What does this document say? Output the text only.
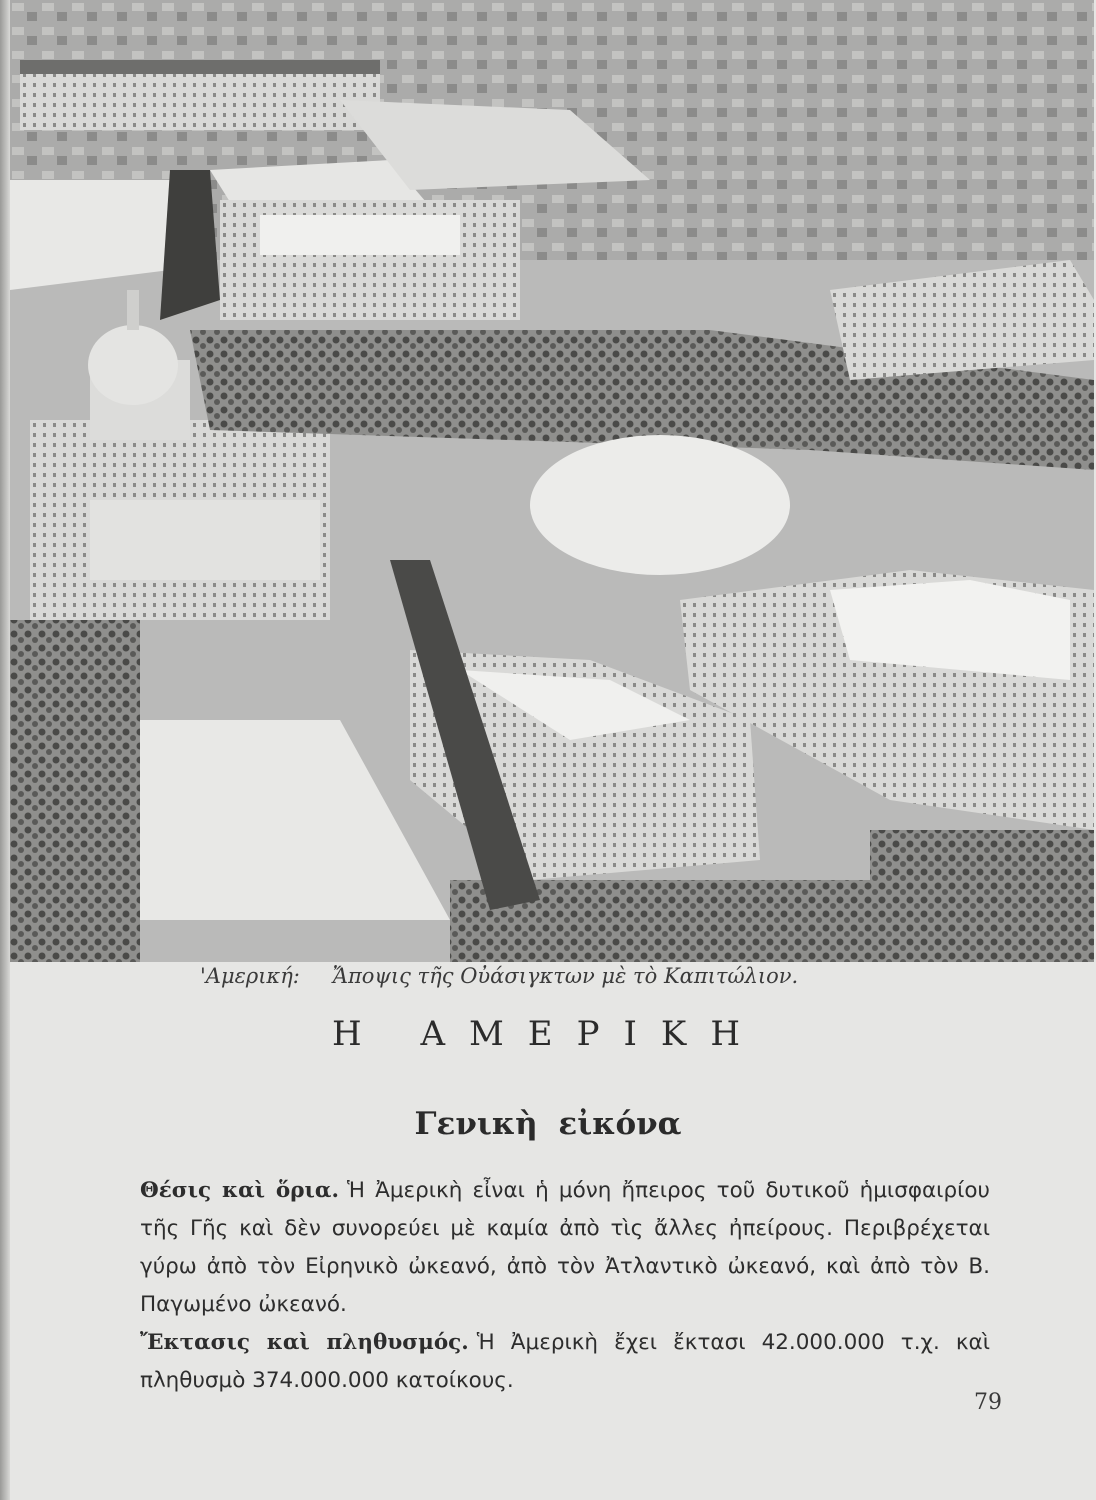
'Αμερική: Ἄποψις τῆς Οὐάσιγκτων μὲ τὸ Καπιτώλιον.
Η ΑΜΕΡΙΚΗ
Γενικὴ εἰκόνα

Θέσις καὶ ὅρια. Ἡ Ἀμερικὴ εἶναι ἡ μόνη ἤπειρος τοῦ δυτικοῦ ἡμισφαιρίου τῆς Γῆς καὶ δὲν συνορεύει μὲ καμία ἀπὸ τὶς ἄλλες ἠπείρους. Περιβρέχεται γύρω ἀπὸ τὸν Εἰρηνικὸ ὠκεανό, ἀπὸ τὸν Ἀτλαντικὸ ὠκεανό, καὶ ἀπὸ τὸν Β. Παγωμένο ὠκεανό.

Ἔκτασις καὶ πληθυσμός. Ἡ Ἀμερικὴ ἔχει ἔκτασι 42.000.000 τ.χ. καὶ πληθυσμὸ 374.000.000 κατοίκους.

79
